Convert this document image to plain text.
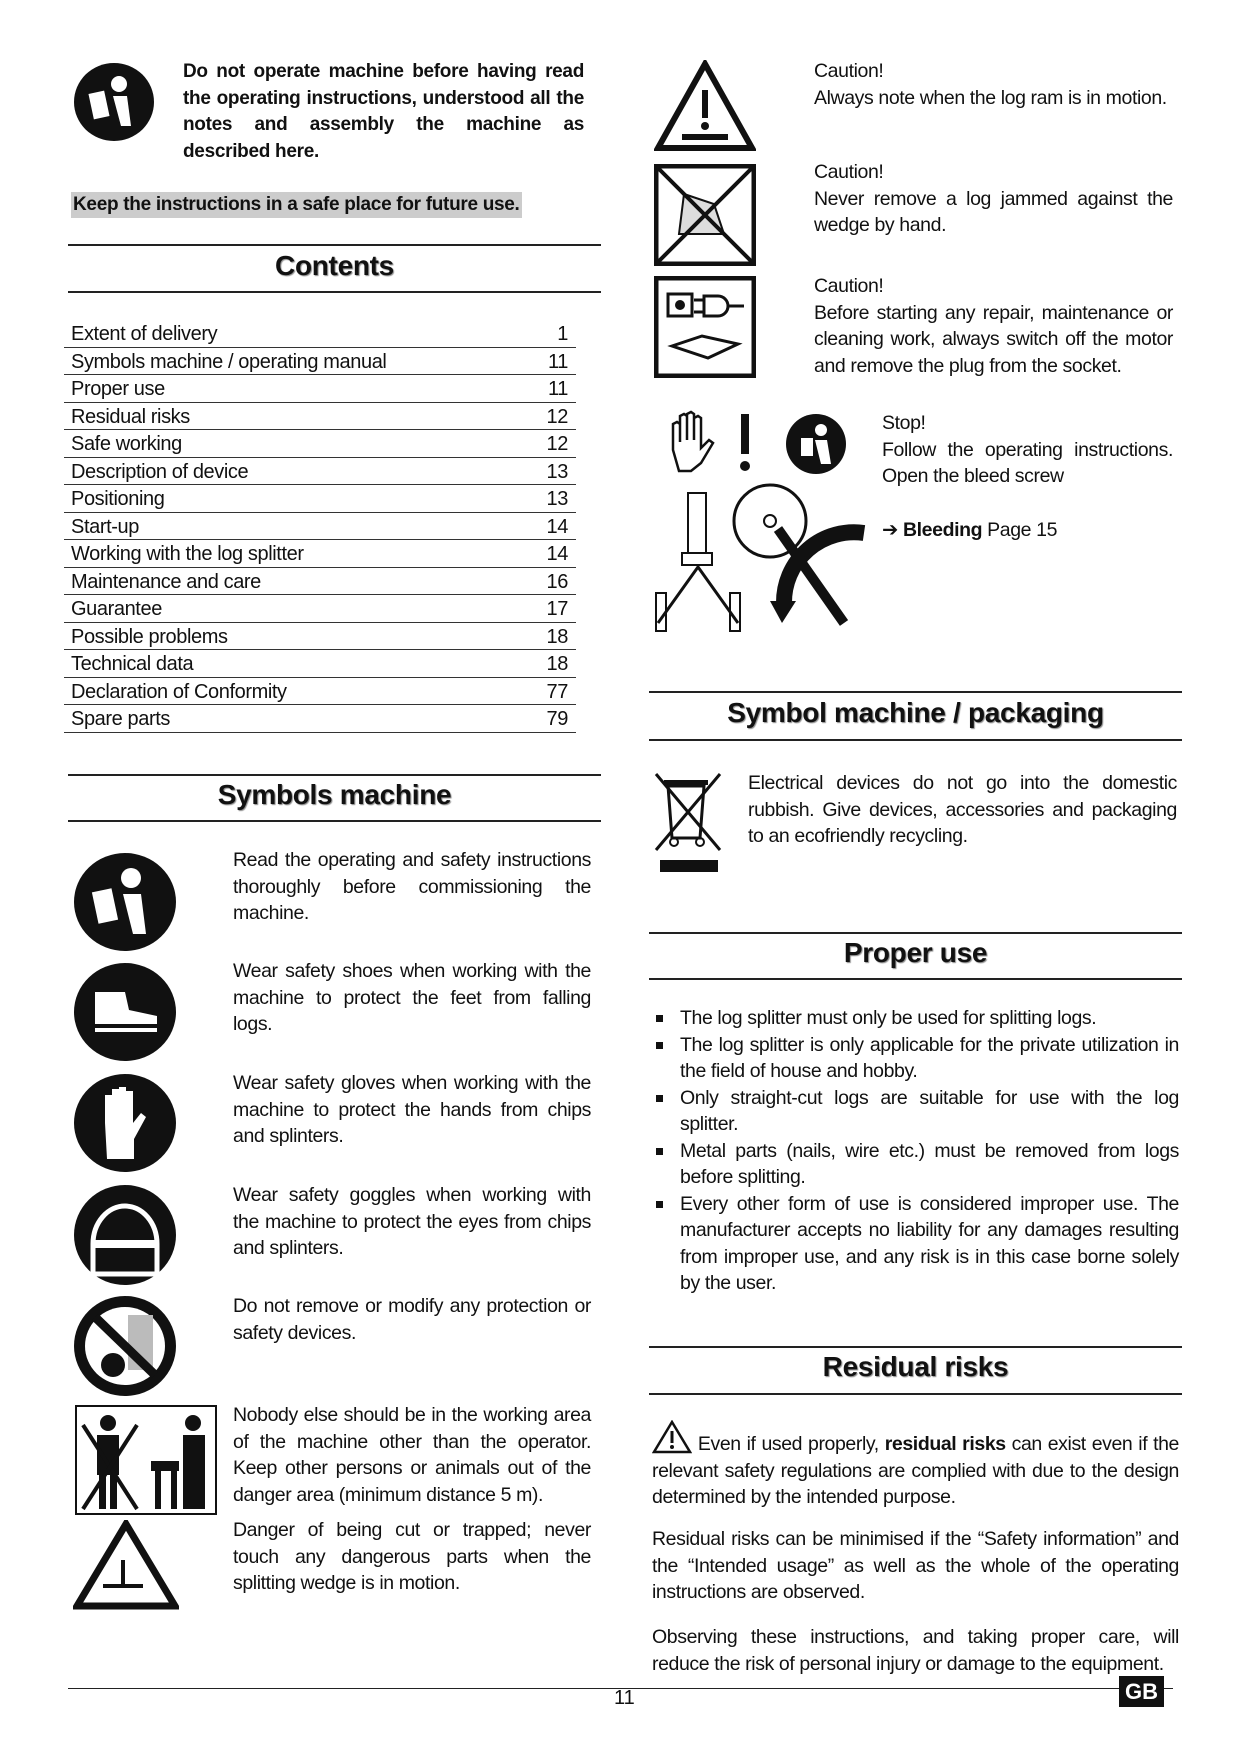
Do not operate machine before having read the operating instructions, understood all the notes and assembly the machine as described here.
Keep the instructions in a safe place for future use.
Contents
Extent of delivery	1
Symbols machine / operating manual	11
Proper use	11
Residual risks	12
Safe working	12
Description of device	13
Positioning	13
Start-up	14
Working with the log splitter	14
Maintenance and care	16
Guarantee	17
Possible problems	18
Technical data	18
Declaration of Conformity	77
Spare parts	79
Symbols machine
Read the operating and safety instructions thoroughly before commissioning the machine.
Wear safety shoes when working with the machine to protect the feet from falling logs.
Wear safety gloves when working with the machine to protect the hands from chips and splinters.
Wear safety goggles when working with the machine to protect the eyes from chips and splinters.
Do not remove or modify any protection or safety devices.
Nobody else should be in the working area of the machine other than the operator. Keep other persons or animals out of the danger area (minimum distance 5 m).
Danger of being cut or trapped; never touch any dangerous parts when the splitting wedge is in motion.
Caution!
Always note when the log ram is in motion.
Caution!
Never remove a log jammed against the wedge by hand.
Caution!
Before starting any repair, maintenance or cleaning work, always switch off the motor and remove the plug from the socket.
Stop!
Follow the operating instructions. Open the bleed screw
➔ Bleeding Page 15
Symbol machine / packaging
Electrical devices do not go into the domestic rubbish. Give devices, accessories and packaging to an ecofriendly recycling.
Proper use
The log splitter must only be used for splitting logs.
The log splitter is only applicable for the private utilization in the field of house and hobby.
Only straight-cut logs are suitable for use with the log splitter.
Metal parts (nails, wire etc.) must be removed from logs before splitting.
Every other form of use is considered improper use. The manufacturer accepts no liability for any damages resulting from improper use, and any risk is in this case borne solely by the user.
Residual risks
Even if used properly, residual risks can exist even if the relevant safety regulations are complied with due to the design determined by the intended purpose.
Residual risks can be minimised if the “Safety information” and the “Intended usage” as well as the whole of the operating instructions are observed.
Observing these instructions, and taking proper care, will reduce the risk of personal injury or damage to the equipment.
11	GB
